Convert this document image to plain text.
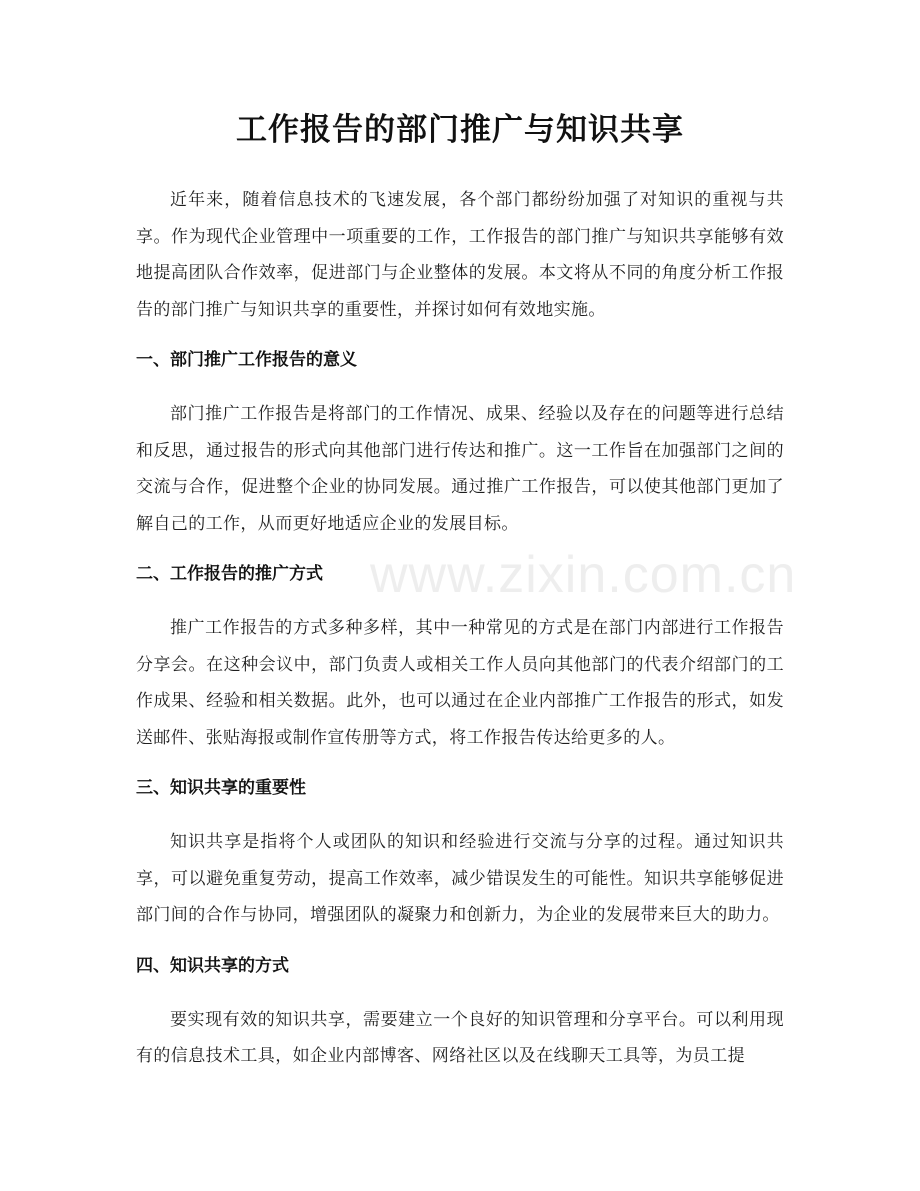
工作报告的部门推广与知识共享

近年来，随着信息技术的飞速发展，各个部门都纷纷加强了对知识的重视与共享。作为现代企业管理中一项重要的工作，工作报告的部门推广与知识共享能够有效地提高团队合作效率，促进部门与企业整体的发展。本文将从不同的角度分析工作报告的部门推广与知识共享的重要性，并探讨如何有效地实施。

一、部门推广工作报告的意义

部门推广工作报告是将部门的工作情况、成果、经验以及存在的问题等进行总结和反思，通过报告的形式向其他部门进行传达和推广。这一工作旨在加强部门之间的交流与合作，促进整个企业的协同发展。通过推广工作报告，可以使其他部门更加了解自己的工作，从而更好地适应企业的发展目标。

二、工作报告的推广方式

推广工作报告的方式多种多样，其中一种常见的方式是在部门内部进行工作报告分享会。在这种会议中，部门负责人或相关工作人员向其他部门的代表介绍部门的工作成果、经验和相关数据。此外，也可以通过在企业内部推广工作报告的形式，如发送邮件、张贴海报或制作宣传册等方式，将工作报告传达给更多的人。

三、知识共享的重要性

知识共享是指将个人或团队的知识和经验进行交流与分享的过程。通过知识共享，可以避免重复劳动，提高工作效率，减少错误发生的可能性。知识共享能够促进部门间的合作与协同，增强团队的凝聚力和创新力，为企业的发展带来巨大的助力。

四、知识共享的方式

要实现有效的知识共享，需要建立一个良好的知识管理和分享平台。可以利用现有的信息技术工具，如企业内部博客、网络社区以及在线聊天工具等，为员工提

www.zixin.com.cn
